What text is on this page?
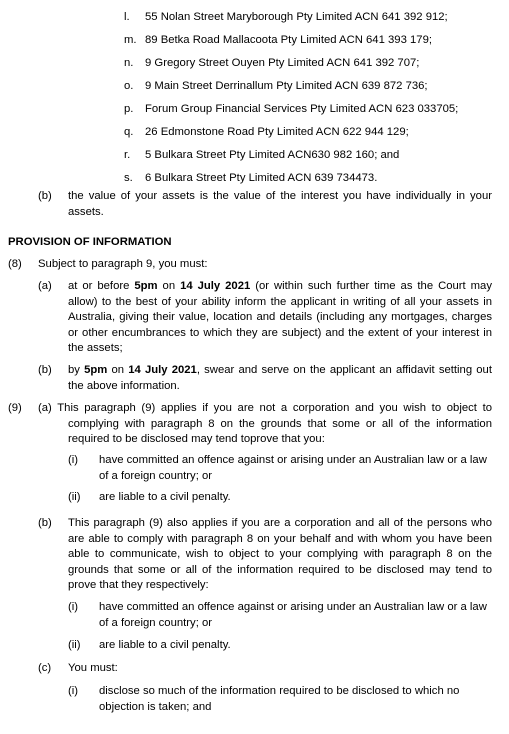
l.	55 Nolan Street Maryborough Pty Limited ACN 641 392 912;
m. 89 Betka Road Mallacoota Pty Limited ACN 641 393 179;
n.	9 Gregory Street Ouyen Pty Limited ACN 641 392 707;
o.	9 Main Street Derrinallum Pty Limited ACN 639 872 736;
p.	Forum Group Financial Services Pty Limited ACN 623 033705;
q.	26 Edmonstone Road Pty Limited ACN 622 944 129;
r.	5 Bulkara Street Pty Limited ACN630 982 160; and
s.	6 Bulkara Street Pty Limited ACN 639 734473.
(b) the value of your assets is the value of the interest you have individually in your assets.
PROVISION OF INFORMATION
(8) Subject to paragraph 9, you must:
(a) at or before 5pm on 14 July 2021 (or within such further time as the Court may allow) to the best of your ability inform the applicant in writing of all your assets in Australia, giving their value, location and details (including any mortgages, charges or other encumbrances to which they are subject) and the extent of your interest in the assets;
(b) by 5pm on 14 July 2021, swear and serve on the applicant an affidavit setting out the above information.
(9) (a) This paragraph (9) applies if you are not a corporation and you wish to object to complying with paragraph 8 on the grounds that some or all of the information required to be disclosed may tend toprove that you:
(i) have committed an offence against or arising under an Australian law or a law of a foreign country; or
(ii) are liable to a civil penalty.
(b) This paragraph (9) also applies if you are a corporation and all of the persons who are able to comply with paragraph 8 on your behalf and with whom you have been able to communicate, wish to object to your complying with paragraph 8 on the grounds that some or all of the information required to be disclosed may tend to prove that they respectively:
(i) have committed an offence against or arising under an Australian law or a law of a foreign country; or
(ii) are liable to a civil penalty.
(c) You must:
(i) disclose so much of the information required to be disclosed to which no objection is taken; and
